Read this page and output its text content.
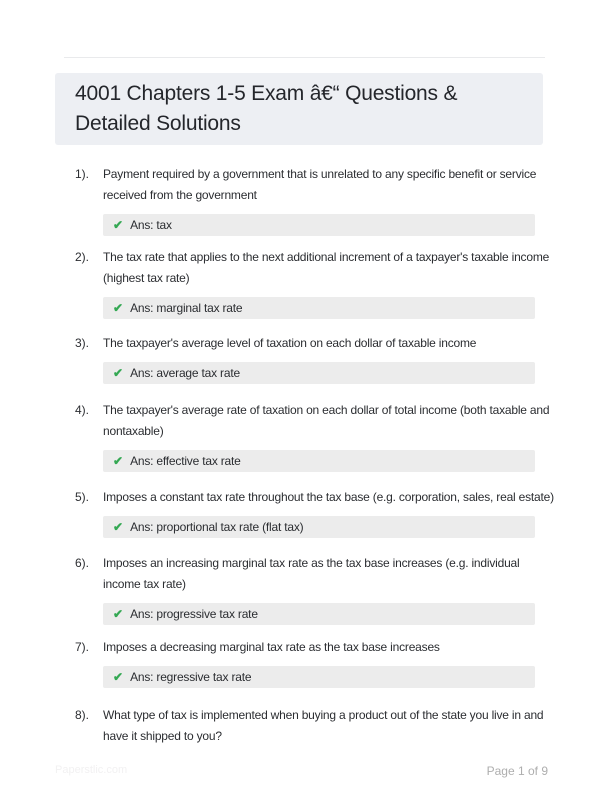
4001 Chapters 1-5 Exam â€“ Questions & Detailed Solutions
1).	Payment required by a government that is unrelated to any specific benefit or service received from the government

✔ Ans: tax
2).	The tax rate that applies to the next additional increment of a taxpayer's taxable income (highest tax rate)

✔ Ans: marginal tax rate
3).	The taxpayer's average level of taxation on each dollar of taxable income

✔ Ans: average tax rate
4).	The taxpayer's average rate of taxation on each dollar of total income (both taxable and nontaxable)

✔ Ans: effective tax rate
5).	Imposes a constant tax rate throughout the tax base (e.g. corporation, sales, real estate)

✔ Ans: proportional tax rate (flat tax)
6).	Imposes an increasing marginal tax rate as the tax base increases (e.g. individual income tax rate)

✔ Ans: progressive tax rate
7).	Imposes a decreasing marginal tax rate as the tax base increases

✔ Ans: regressive tax rate
8).	What type of tax is implemented when buying a product out of the state you live in and have it shipped to you?

Paperstlic.com	Page 1 of 9
